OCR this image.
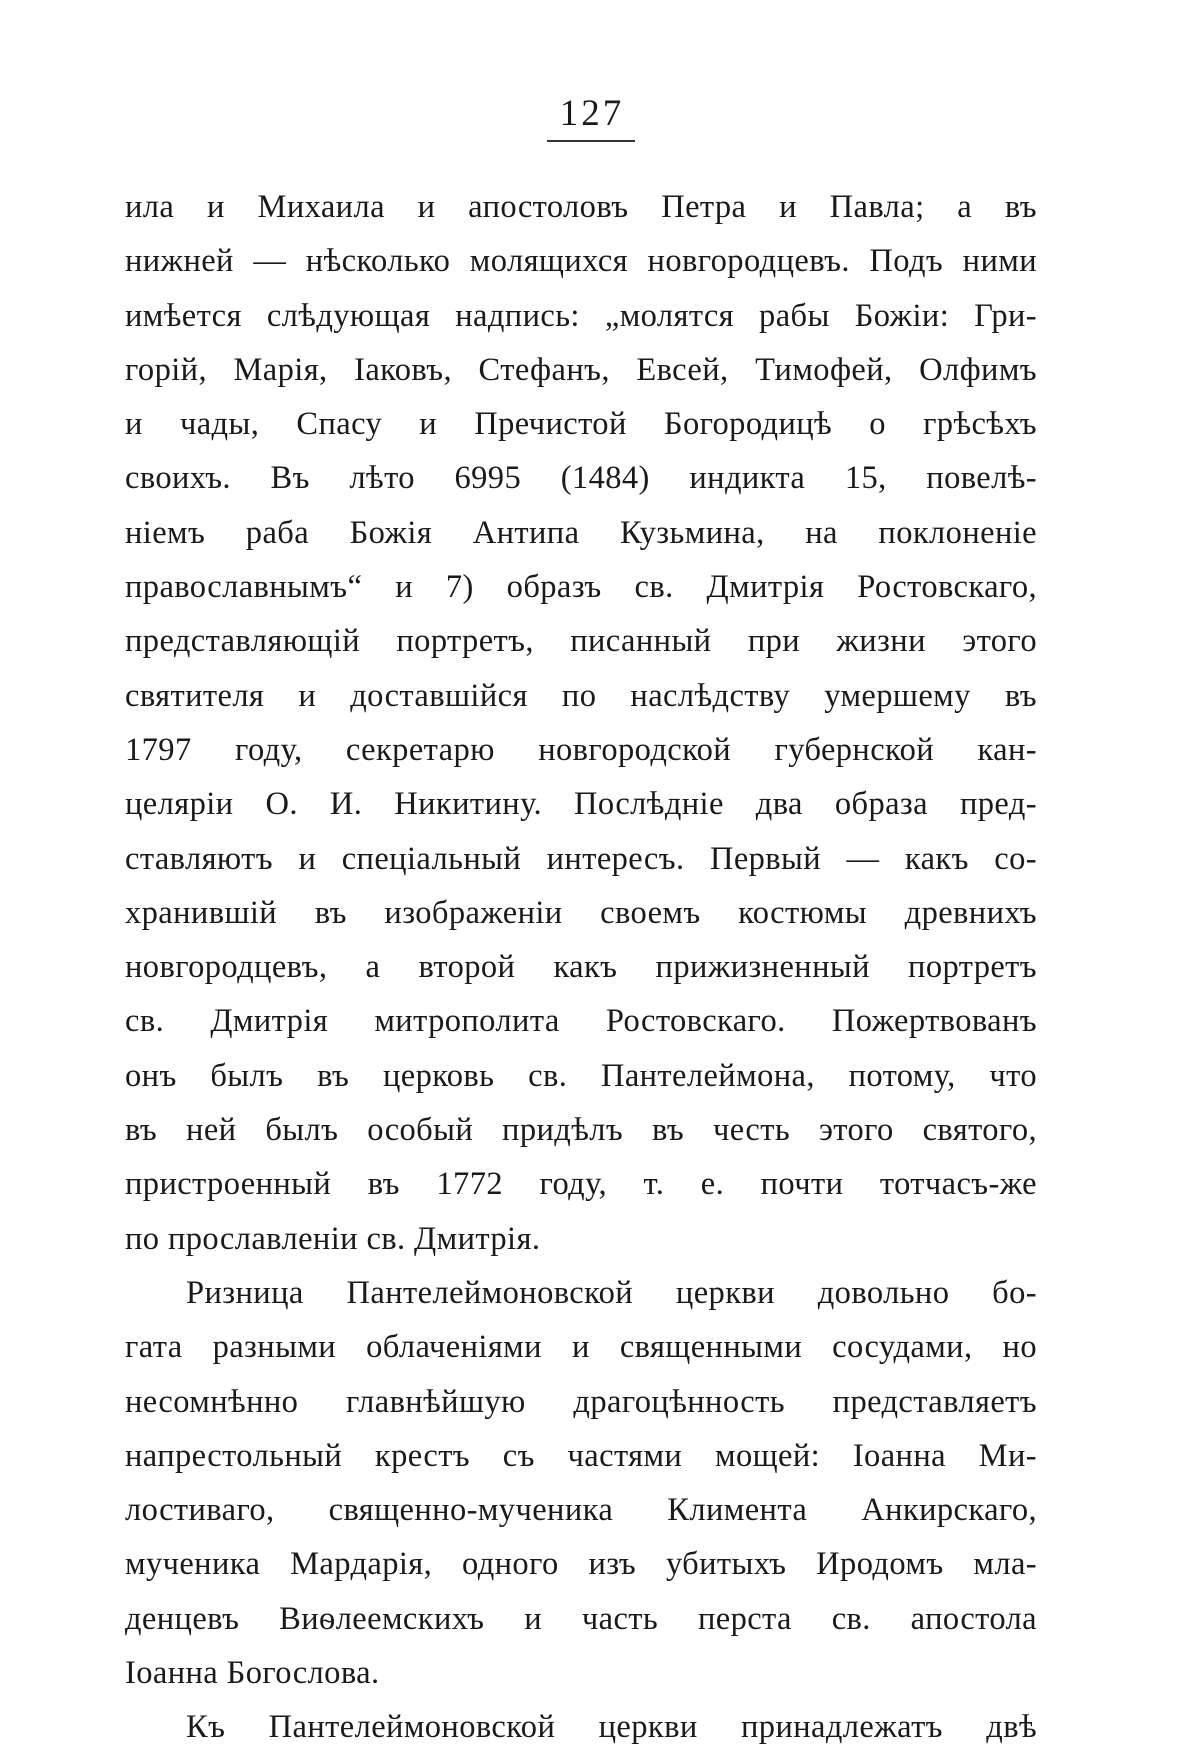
127
ила и Михаила и апостоловъ Петра и Павла; а въ
нижней — нѣсколько молящихся новгородцевъ. Подъ ними
имѣется слѣдующая надпись: „молятся рабы Божіи: Гри-
горій, Марія, Іаковъ, Стефанъ, Евсей, Тимофей, Олфимъ
и чады, Спасу и Пречистой Богородицѣ о грѣсѣхъ
своихъ. Въ лѣто 6995 (1484) индикта 15, повелѣ-
ніемъ раба Божія Антипа Кузьмина, на поклоненіе
православнымъ“ и 7) образъ св. Дмитрія Ростовскаго,
представляющій портретъ, писанный при жизни этого
святителя и доставшійся по наслѣдству умершему въ
1797 году, секретарю новгородской губернской кан-
целяріи О. И. Никитину. Послѣдніе два образа пред-
ставляютъ и спеціальный интересъ. Первый — какъ со-
хранившій въ изображеніи своемъ костюмы древнихъ
новгородцевъ, а второй какъ прижизненный портретъ
св. Дмитрія митрополита Ростовскаго. Пожертвованъ
онъ былъ въ церковь св. Пантелеймона, потому, что
въ ней былъ особый придѣлъ въ честь этого святого,
пристроенный въ 1772 году, т. е. почти тотчасъ-же
по прославленіи св. Дмитрія.
Ризница Пантелеймоновской церкви довольно бо-
гата разными облаченіями и священными сосудами, но
несомнѣнно главнѣйшую драгоцѣнность представляетъ
напрестольный крестъ съ частями мощей: Іоанна Ми-
лостиваго, священно-мученика Климента Анкирскаго,
мученика Мардарія, одного изъ убитыхъ Иродомъ мла-
денцевъ Виѳлеемскихъ и часть перста св. апостола
Іоанна Богослова.
Къ Пантелеймоновской церкви принадлежатъ двѣ
